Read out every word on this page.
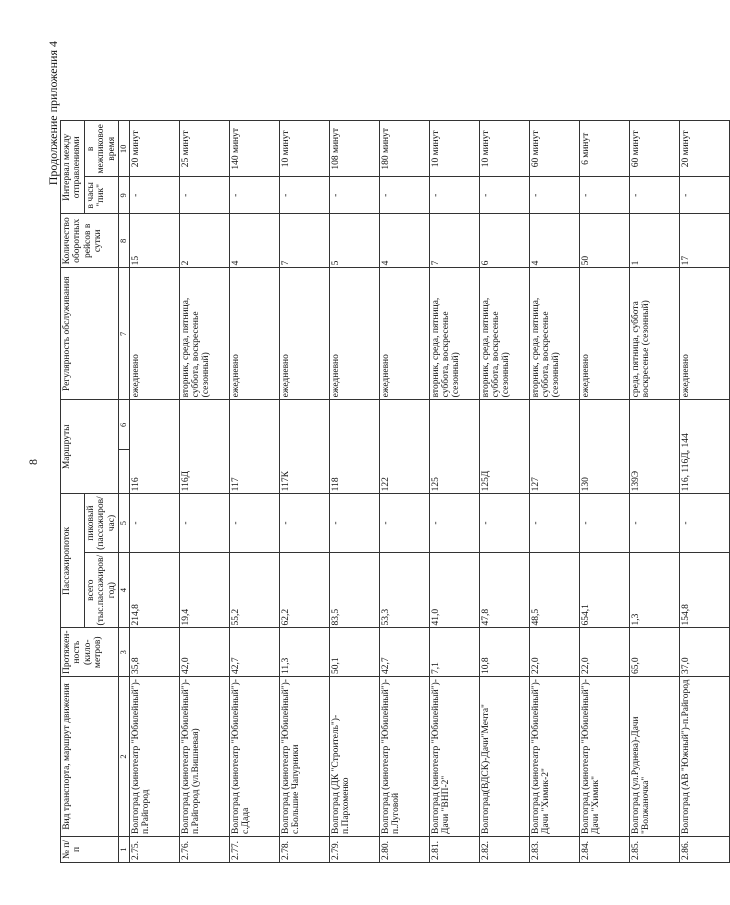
8
Продолжение приложения 4
№ п/п	Вид транспорта, маршрут движения	Протяжен-ность (кило-метров)	Пассажиропоток		Маршруты		Регулярность обслуживания	Количество оборотных рейсов в сутки	Интервал между отправлениями	
			всего (тыс.пассажиров/год)	пиковый (пассажиров/час)					в часы "пик"	в межпиковое время
1	2	3	4	5		6	7	8	9	10
2.75.	Волгоград (кинотеатр "Юбилейный")-п.Райгород	35,8	214,8	-	116		ежедневно	15	-	20 минут
2.76.	Волгоград (кинотеатр "Юбилейный")-п.Райгород (ул.Вишневая)	42,0	19,4	-	116Д		вторник, среда, пятница, суббота, воскресенье (сезонный)	2	-	25 минут
2.77.	Волгоград (кинотеатр "Юбилейный")-с.Дада	42,7	55,2	-	117		ежедневно	4	-	140 минут
2.78.	Волгоград (кинотеатр "Юбилейный")-с.Большие Чапурники	11,3	62,2	-	117К		ежедневно	7	-	10 минут
2.79.	Волгоград (ДК "Строитель")-п.Пархоменко	50,1	83,5	-	118		ежедневно	5	-	108 минут
2.80.	Волгоград (кинотеатр "Юбилейный")-п.Луговой	42,7	53,3	-	122		ежедневно	4	-	180 минут
2.81.	Волгоград (кинотеатр "Юбилейный")-Дачи "ВНП-2"	7,1	41,0	-	125		вторник, среда, пятница, суббота, воскресенье (сезонный)	7	-	10 минут
2.82.	Волгоград(ВДСК)-Дачи"Мечта"	10,8	47,8	-	125Д		вторник, среда, пятница, суббота, воскресенье (сезонный)	6	-	10 минут
2.83.	Волгоград (кинотеатр "Юбилейный")-Дачи "Химик-2"	22,0	48,5	-	127		вторник, среда, пятница, суббота, воскресенье (сезонный)	4	-	60 минут
2.84.	Волгоград (кинотеатр "Юбилейный")-Дачи "Химик"	22,0	654,1	-	130		ежедневно	50	-	6 минут
2.85.	Волгоград (ул.Руднева)-Дачи "Волжаночка"	65,0	1,3	-	139Э		среда, пятница, суббота воскресенье (сезонный)	1	-	60 минут
2.86.	Волгоград (АВ "Южный")-п.Райгород	37,0	154,8	-	116, 116Д, 144		ежедневно	17	-	20 минут
